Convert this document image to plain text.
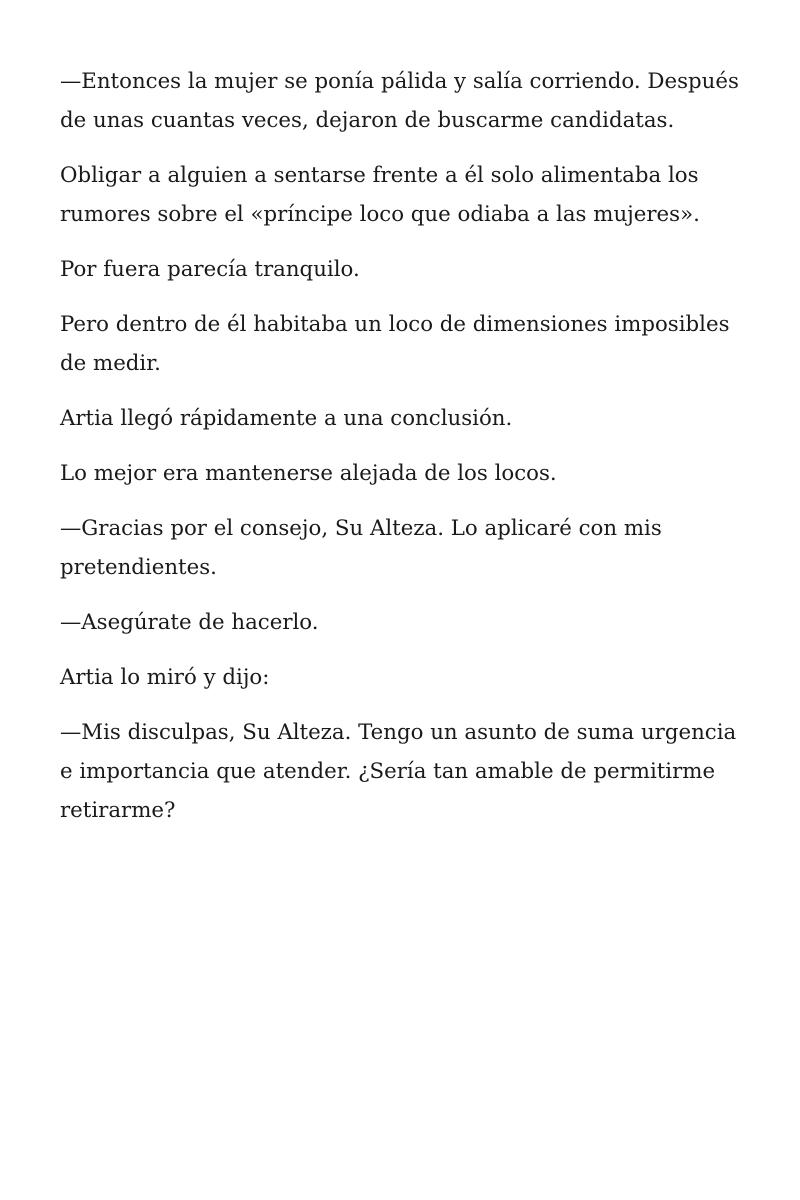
—Entonces la mujer se ponía pálida y salía corriendo. Después de unas cuantas veces, dejaron de buscarme candidatas.

Obligar a alguien a sentarse frente a él solo alimentaba los rumores sobre el «príncipe loco que odiaba a las mujeres».

Por fuera parecía tranquilo.

Pero dentro de él habitaba un loco de dimensiones imposibles de medir.

Artia llegó rápidamente a una conclusión.

Lo mejor era mantenerse alejada de los locos.

—Gracias por el consejo, Su Alteza. Lo aplicaré con mis pretendientes.

—Asegúrate de hacerlo.

Artia lo miró y dijo:

—Mis disculpas, Su Alteza. Tengo un asunto de suma urgencia e importancia que atender. ¿Sería tan amable de permitirme retirarme?
